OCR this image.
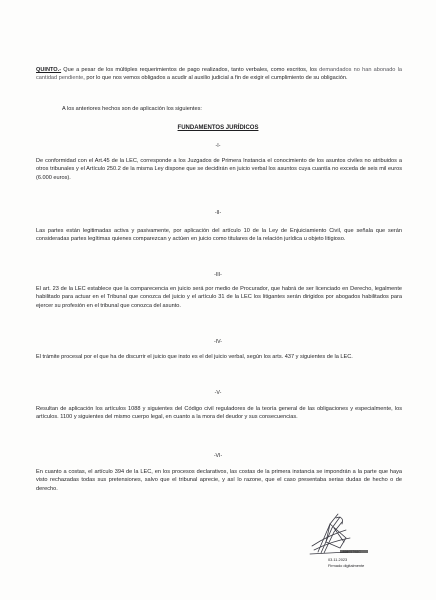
QUINTO.- Que a pesar de los múltiples requerimientos de pago realizados, tanto verbales, como escritos, los demandados no han abonado la cantidad pendiente, por lo que nos vemos obligados a acudir al auxilio judicial a fin de exigir el cumplimiento de su obligación.

A los anteriores hechos son de aplicación los siguientes:

FUNDAMENTOS JURÍDICOS
-I-

De conformidad con el Art.45 de la LEC, corresponde a los Juzgados de Primera Instancia el conocimiento de los asuntos civiles no atribuidos a otros tribunales y el Artículo 250.2 de la misma Ley dispone que se decidirán en juicio verbal los asuntos cuya cuantía no exceda de seis mil euros (6.000 euros).

-II-

Las partes están legitimadas activa y pasivamente, por aplicación del artículo 10 de la Ley de Enjuiciamiento Civil, que señala que serán consideradas partes legítimas quienes comparezcan y actúen en juicio como titulares de la relación jurídica u objeto litigioso.

-III-

El art. 23 de la LEC establece que la comparecencia en juicio será por medio de Procurador, que habrá de ser licenciado en Derecho, legalmente habilitado para actuar en el Tribunal que conozca del juicio y el artículo 31 de la LEC los litigantes serán dirigidos por abogados habilitados para ejercer su profesión en el tribunal que conozca del asunto.

-IV-

El trámite procesal por el que ha de discurrir el juicio que insto es el del juicio verbal, según los arts. 437 y siguientes de la LEC.

-V-

Resultan de aplicación los artículos 1088 y siguientes del Código civil reguladores de la teoría general de las obligaciones y especialmente, los artículos. 1100 y siguientes del mismo cuerpo legal, en cuanto a la mora del deudor y sus consecuencias.

-VI-

En cuanto a costas, el artículo 394 de la LEC, en los procesos declarativos, las costas de la primera instancia se impondrán a la parte que haya visto rechazadas todas sus pretensiones, salvo que el tribunal aprecie, y así lo razone, que el caso presentaba serias dudas de hecho o de derecho.

- 40865798C
03.11.2023
Firmado digitalmente
